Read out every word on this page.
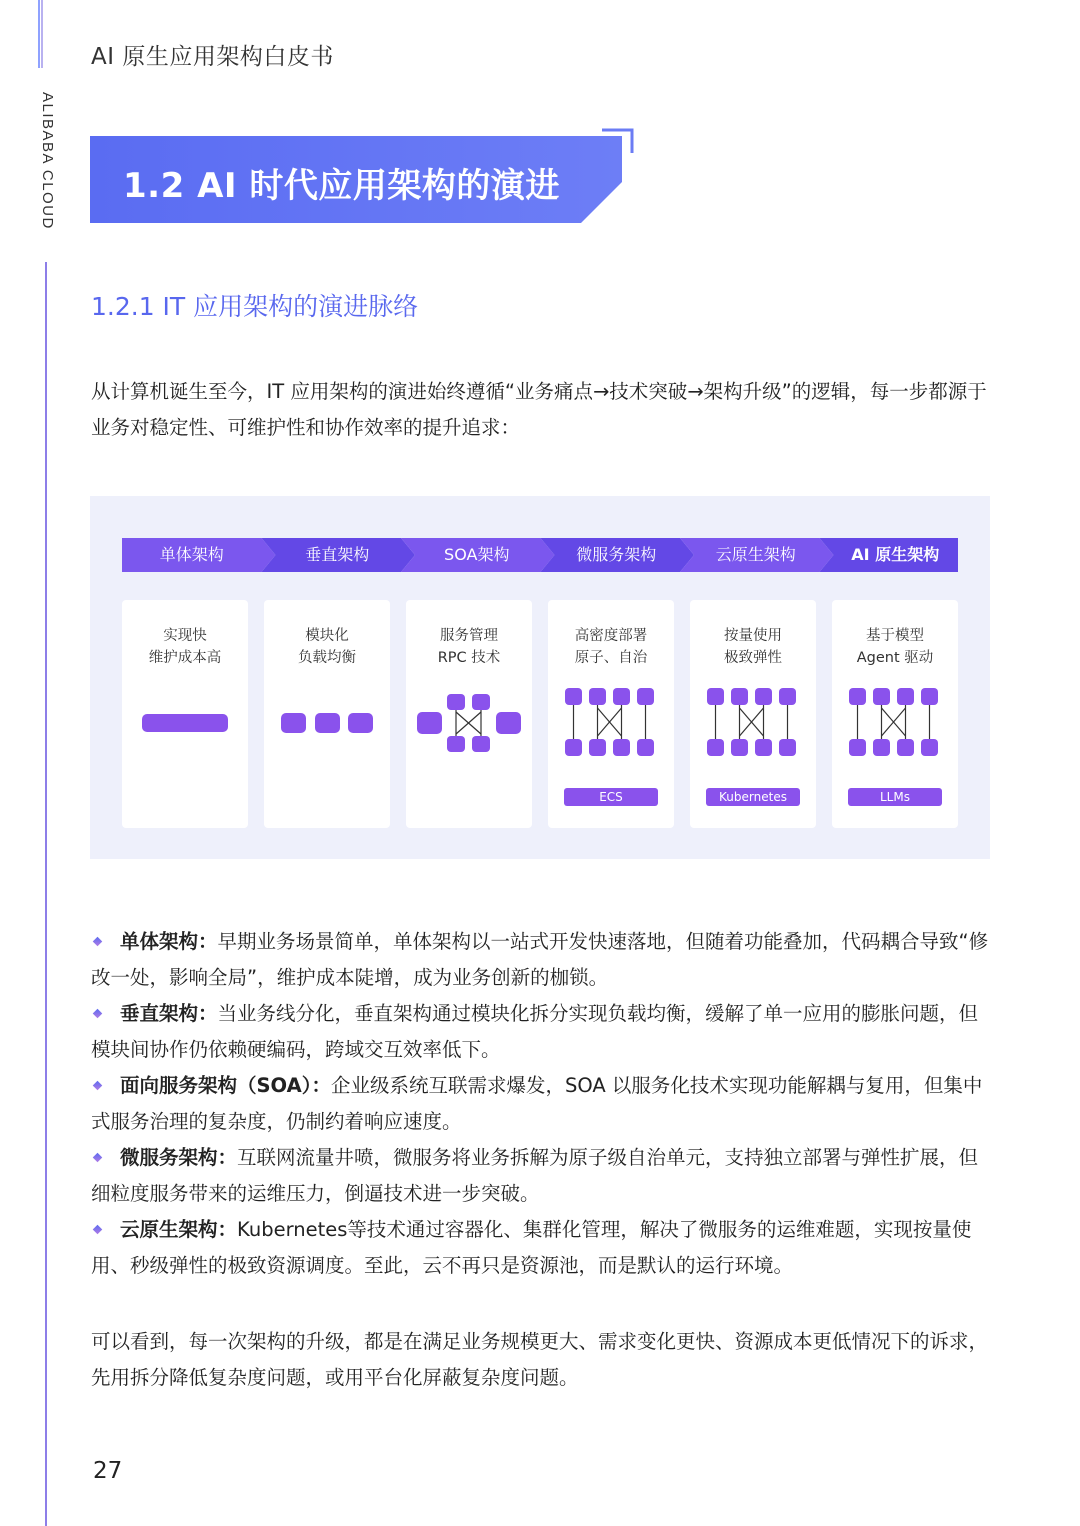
ALIBABA CLOUD
AI 原生应用架构白皮书
1.2 AI 时代应用架构的演进
1.2.1 IT 应用架构的演进脉络
从计算机诞生至今，IT 应用架构的演进始终遵循“业务痛点→技术突破→架构升级”的逻辑，每一步都源于业务对稳定性、可维护性和协作效率的提升追求：
单体架构	垂直架构	SOA架构	微服务架构	云原生架构	AI 原生架构
实现快
维护成本高
模块化
负载均衡
服务管理
RPC 技术
高密度部署
原子、自治
ECS
按量使用
极致弹性
Kubernetes
基于模型
Agent 驱动
LLMs
单体架构：早期业务场景简单，单体架构以一站式开发快速落地，但随着功能叠加，代码耦合导致“修改一处，影响全局”，维护成本陡增，成为业务创新的枷锁。
垂直架构：当业务线分化，垂直架构通过模块化拆分实现负载均衡，缓解了单一应用的膨胀问题，但模块间协作仍依赖硬编码，跨域交互效率低下。
面向服务架构（SOA）：企业级系统互联需求爆发，SOA 以服务化技术实现功能解耦与复用，但集中式服务治理的复杂度，仍制约着响应速度。
微服务架构：互联网流量井喷，微服务将业务拆解为原子级自治单元，支持独立部署与弹性扩展，但细粒度服务带来的运维压力，倒逼技术进一步突破。
云原生架构：Kubernetes等技术通过容器化、集群化管理，解决了微服务的运维难题，实现按量使用、秒级弹性的极致资源调度。至此，云不再只是资源池，而是默认的运行环境。
可以看到，每一次架构的升级，都是在满足业务规模更大、需求变化更快、资源成本更低情况下的诉求，先用拆分降低复杂度问题，或用平台化屏蔽复杂度问题。
27
